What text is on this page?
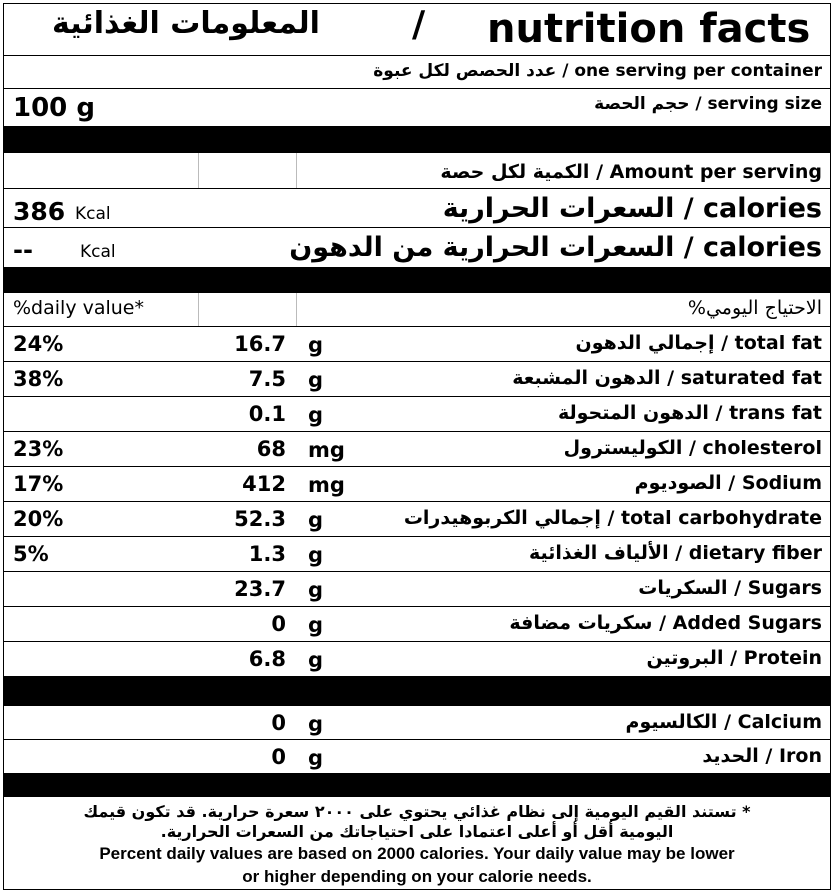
المعلومات الغذائية	/ nutrition facts
عدد الحصص لكل عبوة / one serving per container
100 g	حجم الحصة / serving size
الكمية لكل حصة / Amount per serving
386 Kcal	السعرات الحرارية / calories
--	Kcal	السعرات الحرارية من الدهون / calories
%daily value*	%الاحتياج اليومي
24%	16.7 g	إجمالي الدهون / total fat
38%	7.5 g	الدهون المشبعة / saturated fat
0.1 g	الدهون المتحولة / trans fat
23%	68 mg	الكوليسترول / cholesterol
17%	412 mg	الصوديوم / Sodium
20%	52.3 g	إجمالي الكربوهيدرات / total carbohydrate
5%	1.3 g	الألياف الغذائية / dietary fiber
23.7 g	السكريات / Sugars
0 g	سكريات مضافة / Added Sugars
6.8 g	البروتين / Protein
0 g	الكالسيوم / Calcium
0 g	الحديد / Iron
* تستند القيم اليومية إلى نظام غذائي يحتوي على ٢٠٠٠ سعرة حرارية. قد تكون قيمك
اليومية أقل أو أعلى اعتمادا على احتياجاتك من السعرات الحرارية.
Percent daily values are based on 2000 calories. Your daily value may be lower
or higher depending on your calorie needs.
